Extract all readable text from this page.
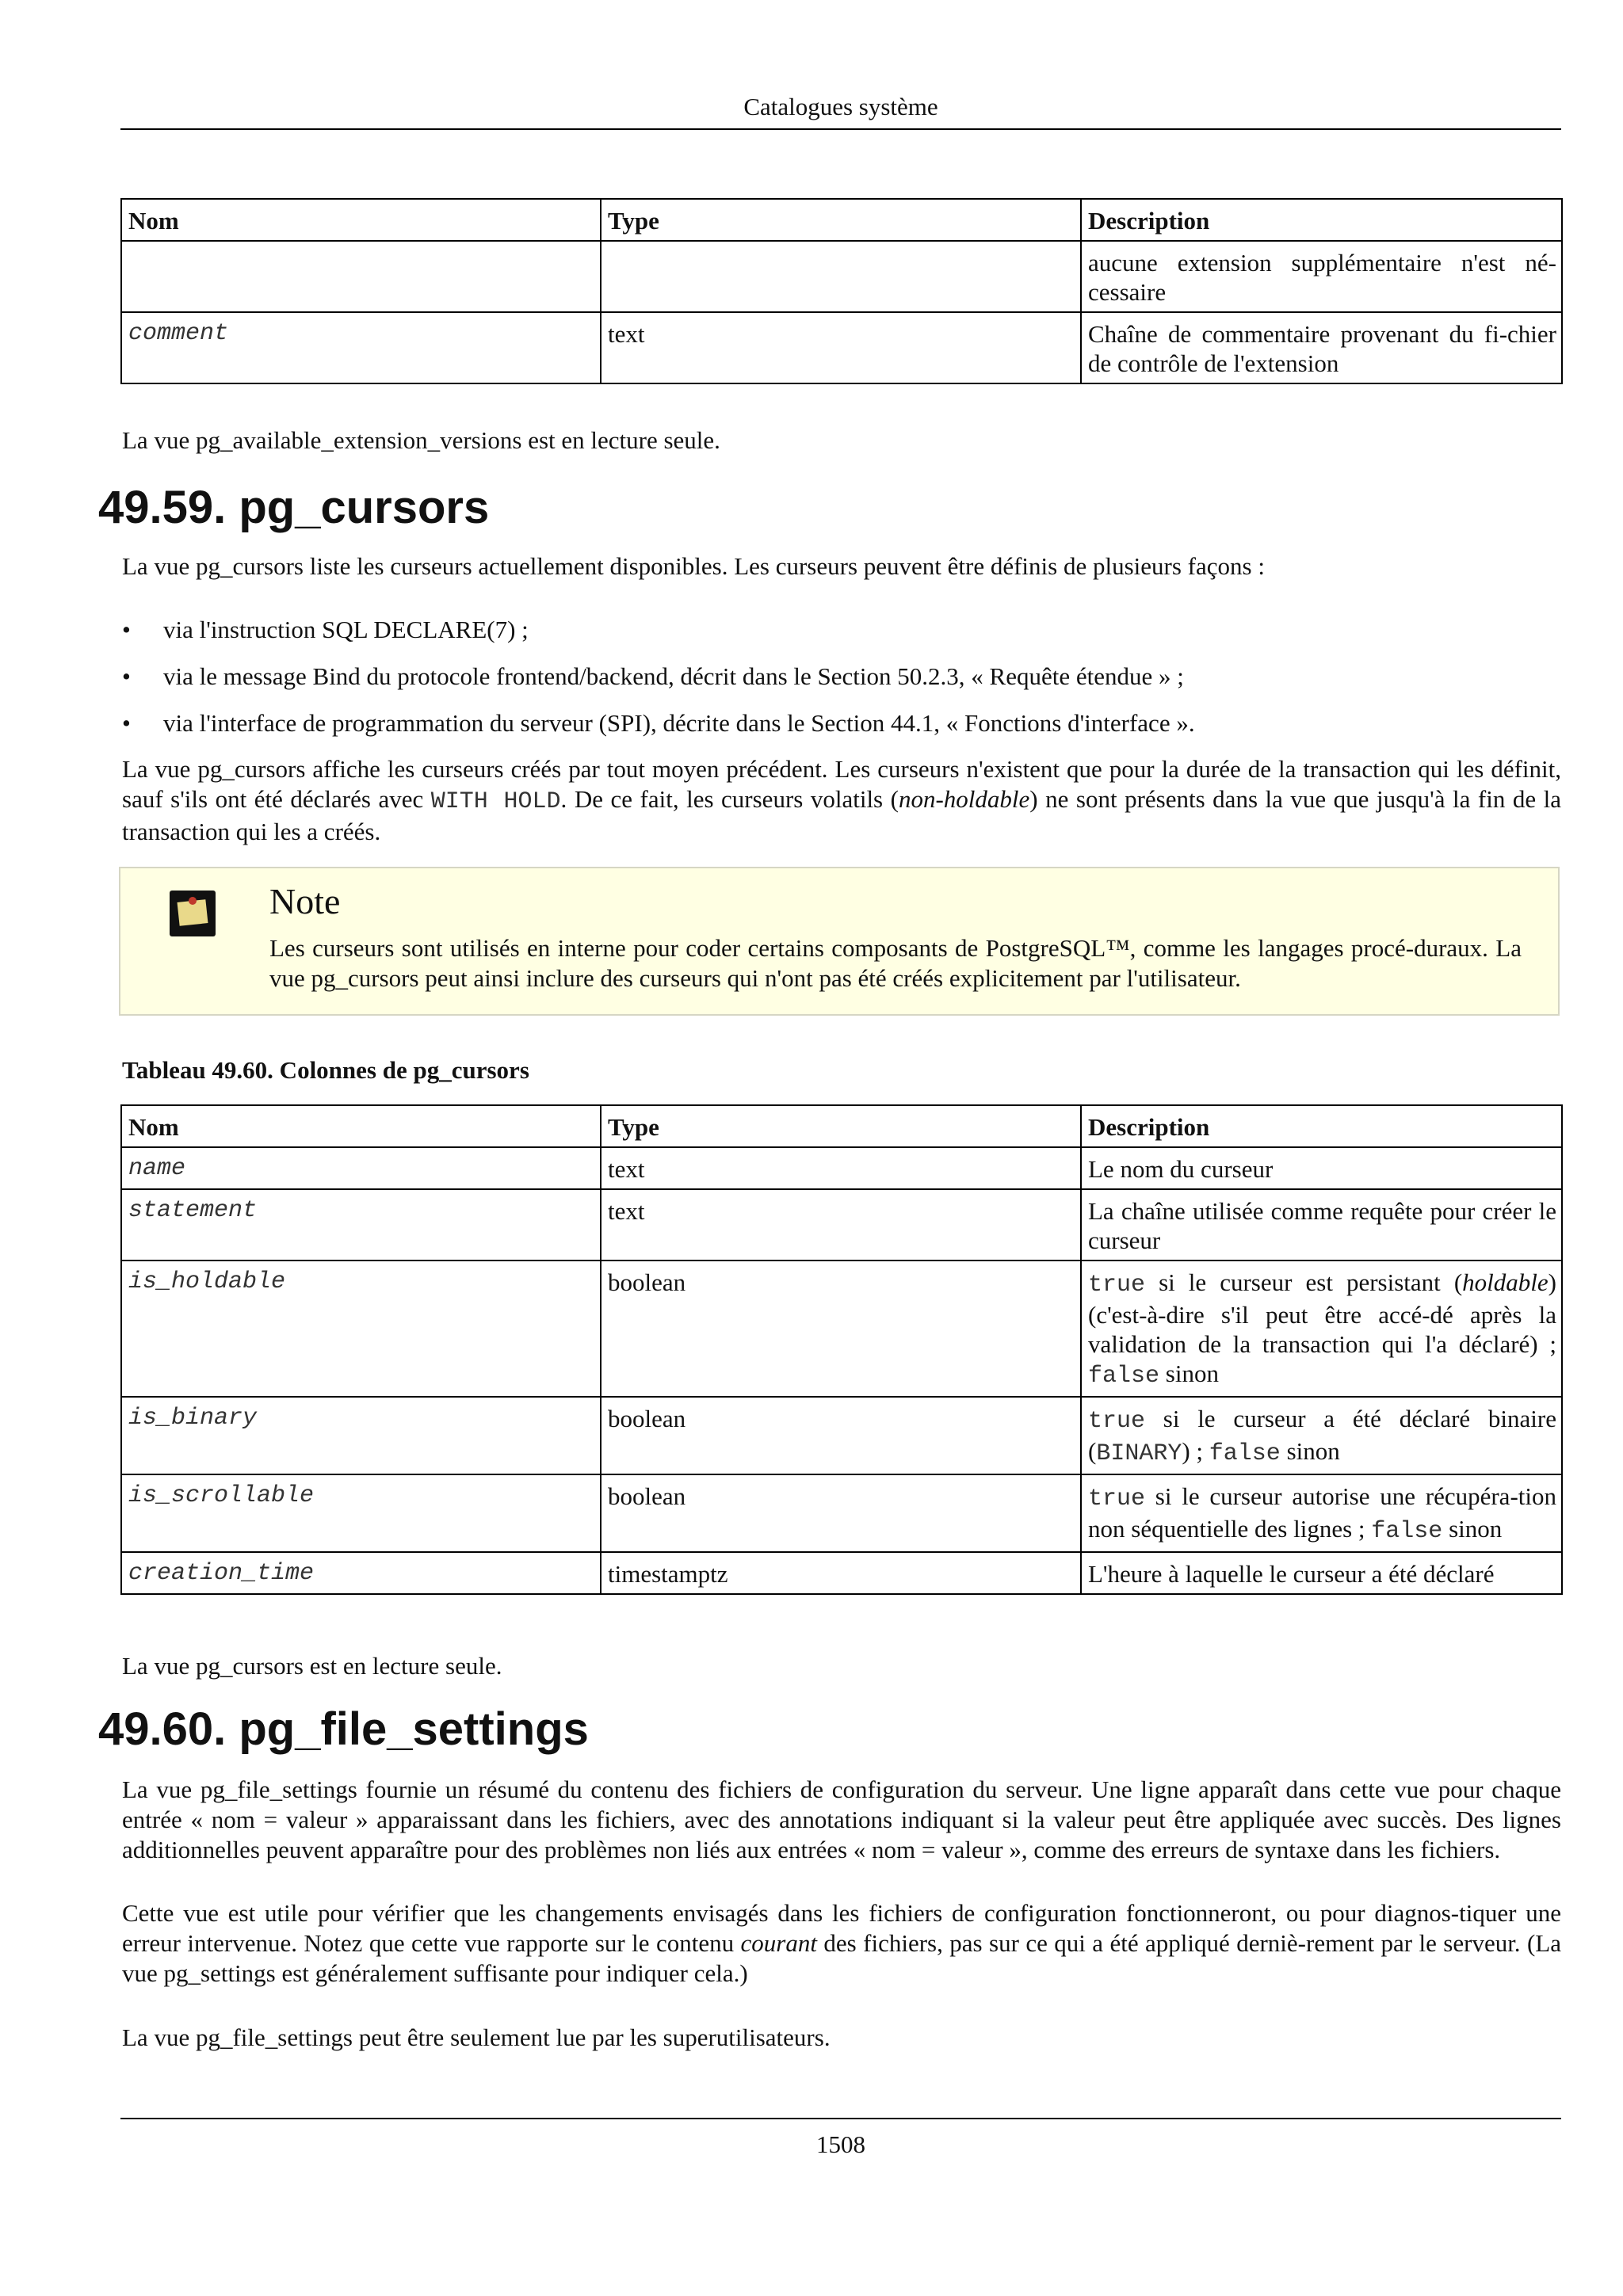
Catalogues système
Nom	Type	Description
		aucune extension supplémentaire n'est né-cessaire
comment	text	Chaîne de commentaire provenant du fi-chier de contrôle de l'extension
La vue pg_available_extension_versions est en lecture seule.
49.59. pg_cursors
La vue pg_cursors liste les curseurs actuellement disponibles. Les curseurs peuvent être définis de plusieurs façons :
• via l'instruction SQL DECLARE(7) ;
• via le message Bind du protocole frontend/backend, décrit dans le Section 50.2.3, « Requête étendue » ;
• via l'interface de programmation du serveur (SPI), décrite dans le Section 44.1, « Fonctions d'interface ».
La vue pg_cursors affiche les curseurs créés par tout moyen précédent. Les curseurs n'existent que pour la durée de la transaction qui les définit, sauf s'ils ont été déclarés avec WITH HOLD. De ce fait, les curseurs volatils (non-holdable) ne sont présents dans la vue que jusqu'à la fin de la transaction qui les a créés.
Note
Les curseurs sont utilisés en interne pour coder certains composants de PostgreSQL™, comme les langages procé-duraux. La vue pg_cursors peut ainsi inclure des curseurs qui n'ont pas été créés explicitement par l'utilisateur.
Tableau 49.60. Colonnes de pg_cursors
Nom	Type	Description
name	text	Le nom du curseur
statement	text	La chaîne utilisée comme requête pour créer le curseur
is_holdable	boolean	true si le curseur est persistant (holdable) (c'est-à-dire s'il peut être accé-dé après la validation de la transaction qui l'a déclaré) ; false sinon
is_binary	boolean	true si le curseur a été déclaré binaire (BINARY) ; false sinon
is_scrollable	boolean	true si le curseur autorise une récupéra-tion non séquentielle des lignes ; false sinon
creation_time	timestamptz	L'heure à laquelle le curseur a été déclaré
La vue pg_cursors est en lecture seule.
49.60. pg_file_settings
La vue pg_file_settings fournie un résumé du contenu des fichiers de configuration du serveur. Une ligne apparaît dans cette vue pour chaque entrée « nom = valeur » apparaissant dans les fichiers, avec des annotations indiquant si la valeur peut être appliquée avec succès. Des lignes additionnelles peuvent apparaître pour des problèmes non liés aux entrées « nom = valeur », comme des erreurs de syntaxe dans les fichiers.
Cette vue est utile pour vérifier que les changements envisagés dans les fichiers de configuration fonctionneront, ou pour diagnos-tiquer une erreur intervenue. Notez que cette vue rapporte sur le contenu courant des fichiers, pas sur ce qui a été appliqué derniè-rement par le serveur. (La vue pg_settings est généralement suffisante pour indiquer cela.)
La vue pg_file_settings peut être seulement lue par les superutilisateurs.
1508
